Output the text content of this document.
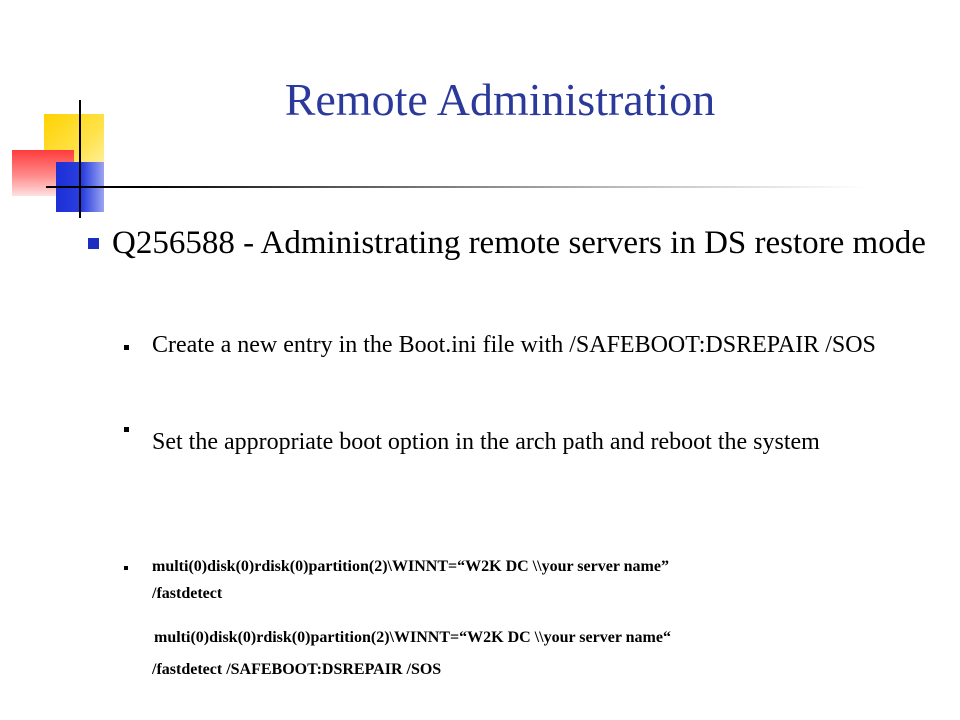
Remote Administration
Q256588 - Administrating remote servers in DS restore mode
Create a new entry in the Boot.ini file with /SAFEBOOT:DSREPAIR /SOS
Set the appropriate boot option in the arch path and reboot the system
multi(0)disk(0)rdisk(0)partition(2)\WINNT=“W2K DC \\your server name”
/fastdetect
multi(0)disk(0)rdisk(0)partition(2)\WINNT=“W2K DC \\your server name“
/fastdetect /SAFEBOOT:DSREPAIR /SOS
